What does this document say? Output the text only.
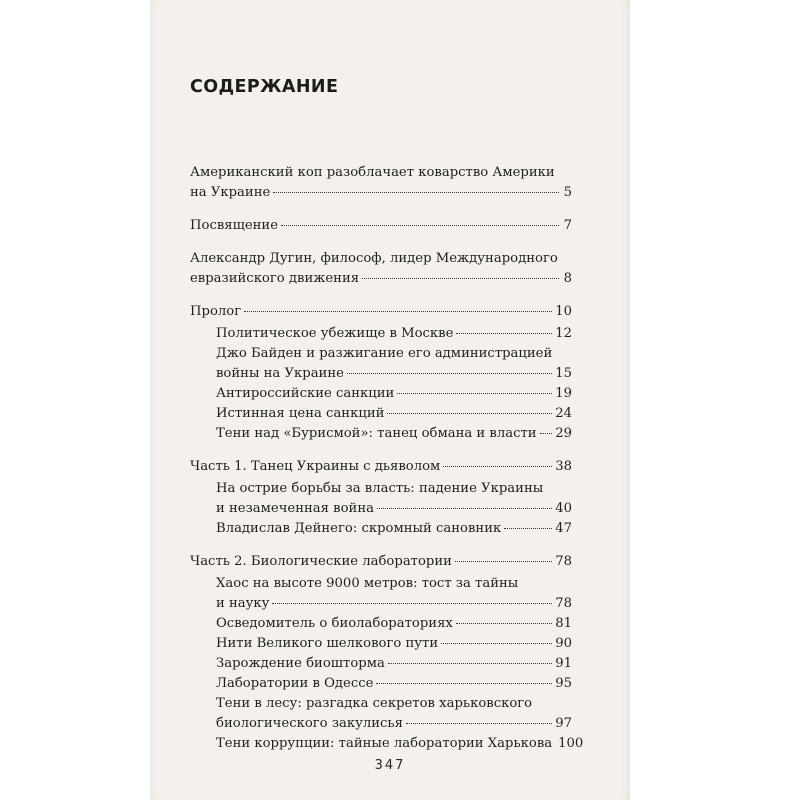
СОДЕРЖАНИЕ
Американский коп разоблачает коварство Америки
на Украине	5
Посвящение	7
Александр Дугин, философ, лидер Международного
евразийского движения	8
Пролог	10
Политическое убежище в Москве	12
Джо Байден и разжигание его администрацией
войны на Украине	15
Антироссийские санкции	19
Истинная цена санкций	24
Тени над «Бурисмой»: танец обмана и власти 29
Часть 1. Танец Украины с дьяволом	38
На острие борьбы за власть: падение Украины
и незамеченная война	40
Владислав Дейнего: скромный сановник	47
Часть 2. Биологические лаборатории	78
Хаос на высоте 9000 метров: тост за тайны
и науку	78
Осведомитель о биолабораториях	81
Нити Великого шелкового пути	90
Зарождение биошторма	91
Лаборатории в Одессе	95
Тени в лесу: разгадка секретов харьковского
биологического закулисья	97
Тени коррупции: тайные лаборатории Харькова 100
347
